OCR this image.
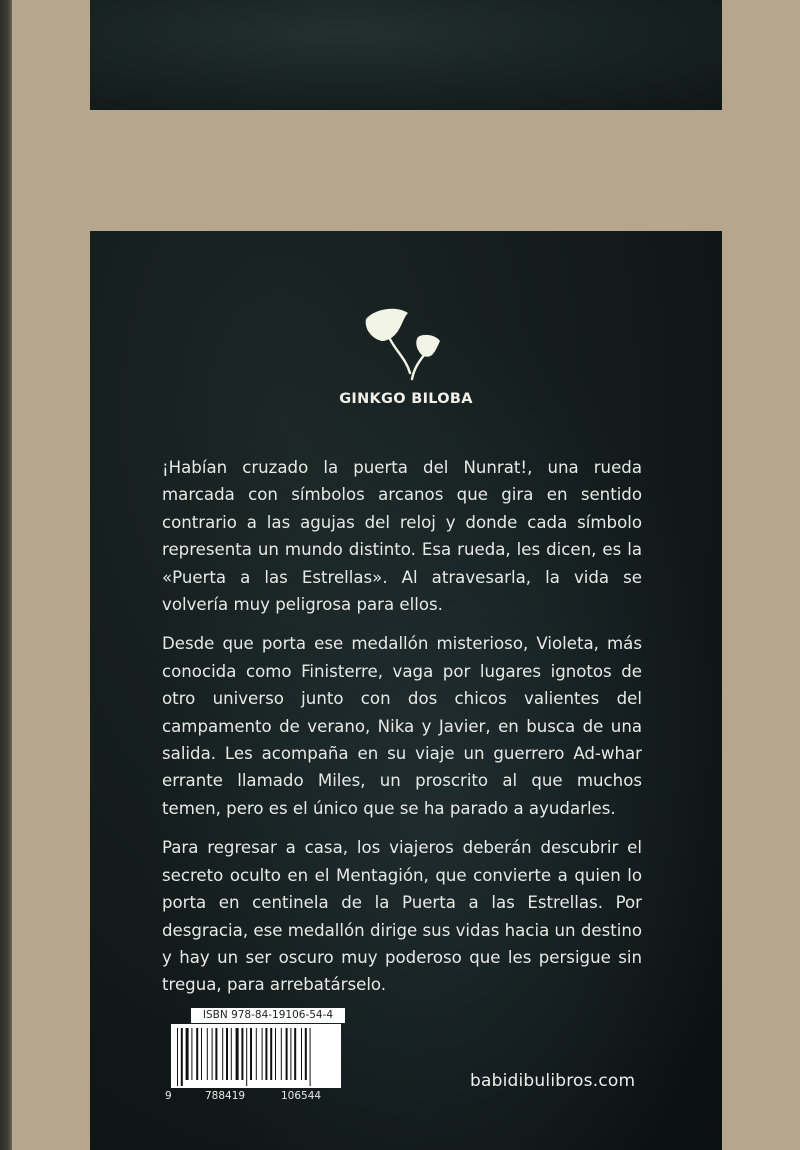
GINKGO BILOBA

¡Habían cruzado la puerta del Nunrat!, una rueda marcada con símbolos arcanos que gira en sentido contrario a las agujas del reloj y donde cada símbolo representa un mundo distinto. Esa rueda, les dicen, es la «Puerta a las Estrellas». Al atravesarla, la vida se volvería muy peligrosa para ellos.

Desde que porta ese medallón misterioso, Violeta, más conocida como Finisterre, vaga por lugares ignotos de otro universo junto con dos chicos valientes del campamento de verano, Nika y Javier, en busca de una salida. Les acompaña en su viaje un guerrero Ad-whar errante llamado Miles, un proscrito al que muchos temen, pero es el único que se ha parado a ayudarles.

Para regresar a casa, los viajeros deberán descubrir el secreto oculto en el Mentagión, que convierte a quien lo porta en centinela de la Puerta a las Estrellas. Por desgracia, ese medallón dirige sus vidas hacia un destino y hay un ser oscuro muy poderoso que les persigue sin tregua, para arrebatárselo.

ISBN 978-84-19106-54-4
9	788419	106544
babidibulibros.com
